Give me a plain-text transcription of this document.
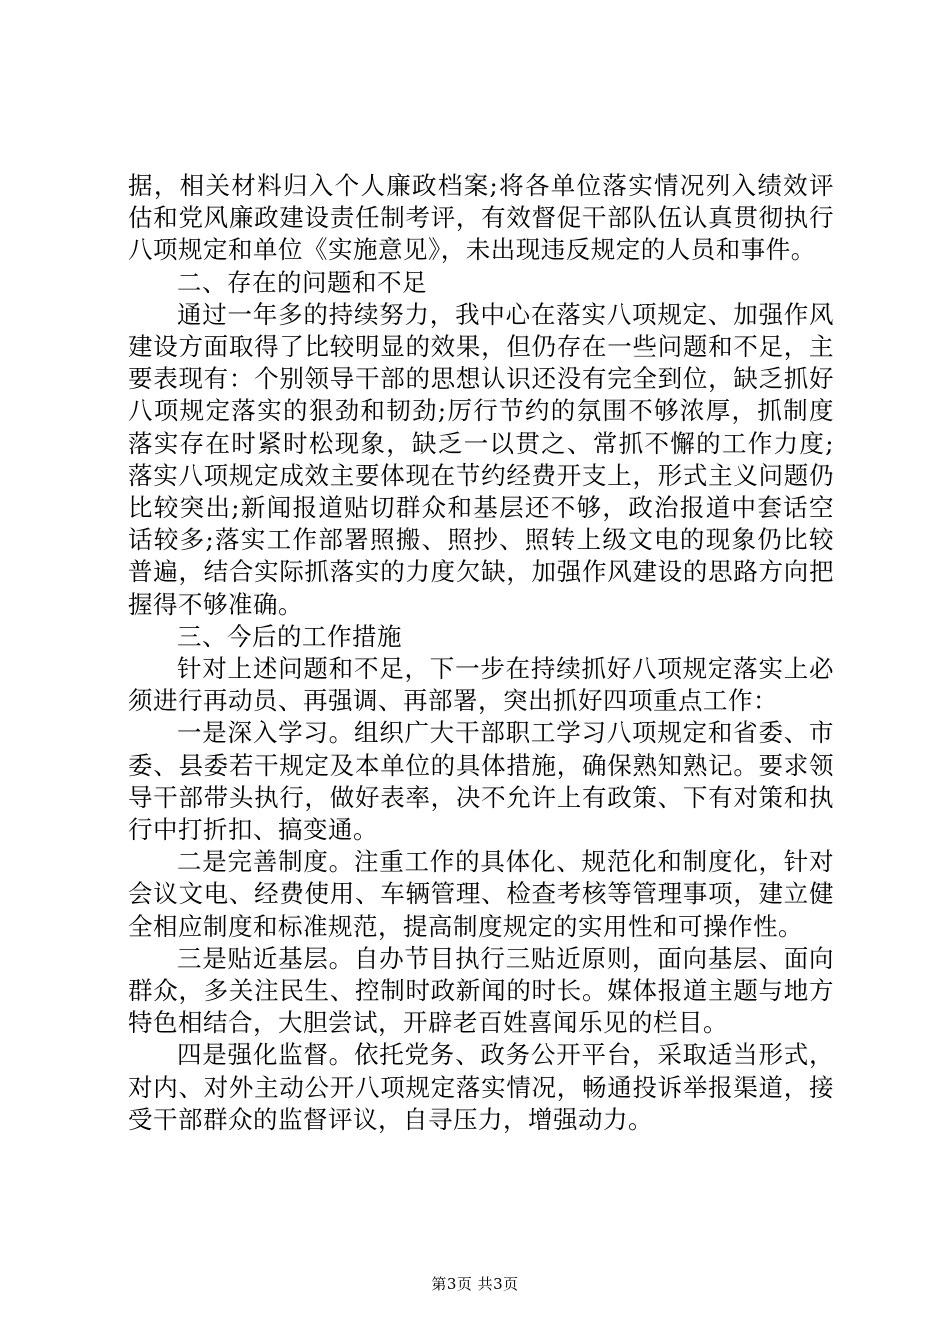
据，相关材料归入个人廉政档案;将各单位落实情况列入绩效评估和党风廉政建设责任制考评，有效督促干部队伍认真贯彻执行八项规定和单位《实施意见》，未出现违反规定的人员和事件。

二、存在的问题和不足

通过一年多的持续努力，我中心在落实八项规定、加强作风建设方面取得了比较明显的效果，但仍存在一些问题和不足，主要表现有：个别领导干部的思想认识还没有完全到位，缺乏抓好八项规定落实的狠劲和韧劲;厉行节约的氛围不够浓厚，抓制度落实存在时紧时松现象，缺乏一以贯之、常抓不懈的工作力度;落实八项规定成效主要体现在节约经费开支上，形式主义问题仍比较突出;新闻报道贴切群众和基层还不够，政治报道中套话空话较多;落实工作部署照搬、照抄、照转上级文电的现象仍比较普遍，结合实际抓落实的力度欠缺，加强作风建设的思路方向把握得不够准确。

三、今后的工作措施

针对上述问题和不足，下一步在持续抓好八项规定落实上必须进行再动员、再强调、再部署，突出抓好四项重点工作：

一是深入学习。组织广大干部职工学习八项规定和省委、市委、县委若干规定及本单位的具体措施，确保熟知熟记。要求领导干部带头执行，做好表率，决不允许上有政策、下有对策和执行中打折扣、搞变通。

二是完善制度。注重工作的具体化、规范化和制度化，针对会议文电、经费使用、车辆管理、检查考核等管理事项，建立健全相应制度和标准规范，提高制度规定的实用性和可操作性。

三是贴近基层。自办节目执行三贴近原则，面向基层、面向群众，多关注民生、控制时政新闻的时长。媒体报道主题与地方特色相结合，大胆尝试，开辟老百姓喜闻乐见的栏目。

四是强化监督。依托党务、政务公开平台，采取适当形式，对内、对外主动公开八项规定落实情况，畅通投诉举报渠道，接受干部群众的监督评议，自寻压力，增强动力。

第3页 共3页
